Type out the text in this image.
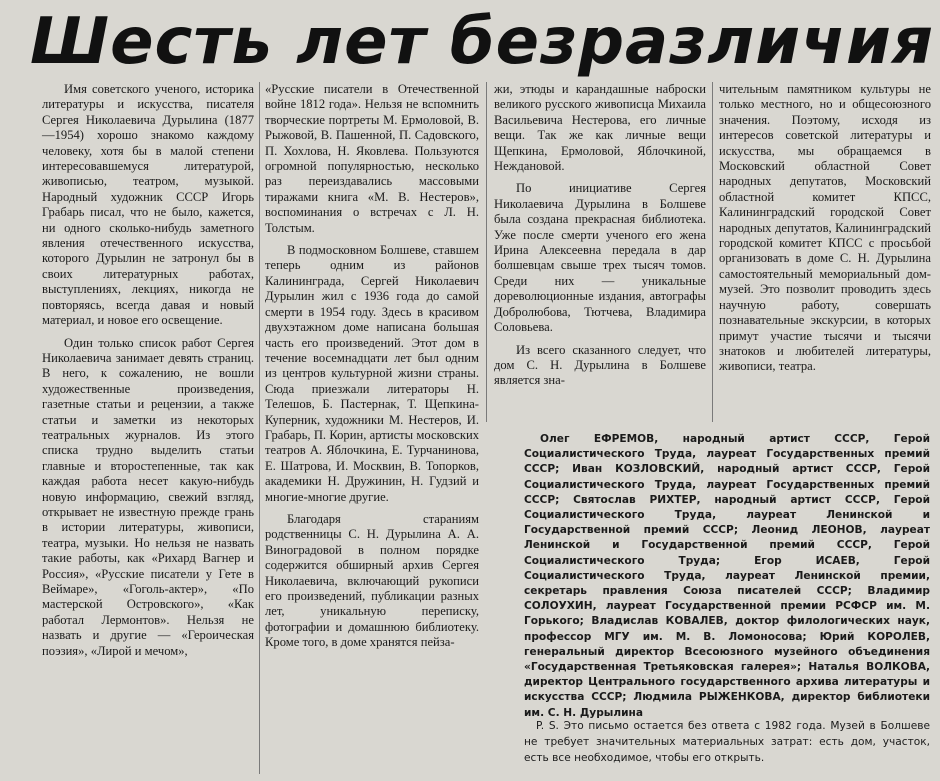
Шесть лет безразличия

Имя советского ученого, историка литературы и искусства, писателя Сергея Николаевича Дурылина (1877—1954) хорошо знакомо каждому человеку, хотя бы в малой степени интересовавшемуся литературой, живописью, театром, музыкой. Народный художник СССР Игорь Грабарь писал, что не было, кажется, ни одного сколько-нибудь заметного явления отечественного искусства, которого Дурылин не затронул бы в своих литературных работах, выступлениях, лекциях, никогда не повторяясь, всегда давая и новый материал, и новое его освещение.

Один только список работ Сергея Николаевича занимает девять страниц. В него, к сожалению, не вошли художественные произведения, газетные статьи и рецензии, а также статьи и заметки из некоторых театральных журналов. Из этого списка трудно выделить статьи главные и второстепенные, так как каждая работа несет какую-нибудь новую информацию, свежий взгляд, открывает не известную прежде грань в истории литературы, живописи, театра, музыки. Но нельзя не назвать такие работы, как «Рихард Вагнер и Россия», «Русские писатели у Гете в Веймаре», «Гоголь-актер», «По мастерской Островского», «Как работал Лермонтов». Нельзя не назвать и другие — «Героическая поэзия», «Лирой и мечом»,

«Русские писатели в Отечественной войне 1812 года». Нельзя не вспомнить творческие портреты М. Ермоловой, В. Рыжовой, В. Пашенной, П. Садовского, П. Хохлова, Н. Яковлева. Пользуются огромной популярностью, несколько раз переиздавались массовыми тиражами книга «М. В. Нестеров», воспоминания о встречах с Л. Н. Толстым.

В подмосковном Болшеве, ставшем теперь одним из районов Калининграда, Сергей Николаевич Дурылин жил с 1936 года до самой смерти в 1954 году. Здесь в красивом двухэтажном доме написана большая часть его произведений. Этот дом в течение восемнадцати лет был одним из центров культурной жизни страны. Сюда приезжали литераторы Н. Телешов, Б. Пастернак, Т. Щепкина-Куперник, художники М. Нестеров, И. Грабарь, П. Корин, артисты московских театров А. Яблочкина, Е. Турчанинова, Е. Шатрова, И. Москвин, В. Топорков, академики Н. Дружинин, Н. Гудзий и многие-многие другие.

Благодаря стараниям родственницы С. Н. Дурылина А. А. Виноградовой в полном порядке содержится обширный архив Сергея Николаевича, включающий рукописи его произведений, публикации разных лет, уникальную переписку, фотографии и домашнюю библиотеку. Кроме того, в доме хранятся пейза-

жи, этюды и карандашные наброски великого русского живописца Михаила Васильевича Нестерова, его личные вещи. Так же как личные вещи Щепкина, Ермоловой, Яблочкиной, Неждановой.

По инициативе Сергея Николаевича Дурылина в Болшеве была создана прекрасная библиотека. Уже после смерти ученого его жена Ирина Алексеевна передала в дар болшевцам свыше трех тысяч томов. Среди них — уникальные дореволюционные издания, автографы Добролюбова, Тютчева, Владимира Соловьева.

Из всего сказанного следует, что дом С. Н. Дурылина в Болшеве является зна-

чительным памятником культуры не только местного, но и общесоюзного значения. Поэтому, исходя из интересов советской литературы и искусства, мы обращаемся в Московский областной Совет народных депутатов, Московский областной комитет КПСС, Калининградский городской Совет народных депутатов, Калининградский городской комитет КПСС с просьбой организовать в доме С. Н. Дурылина самостоятельный мемориальный дом-музей. Это позволит проводить здесь научную работу, совершать познавательные экскурсии, в которых примут участие тысячи и тысячи знатоков и любителей литературы, живописи, театра.

Олег ЕФРЕМОВ, народный артист СССР, Герой Социалистического Труда, лауреат Государственных премий СССР; Иван КОЗЛОВСКИЙ, народный артист СССР, Герой Социалистического Труда, лауреат Государственных премий СССР; Святослав РИХТЕР, народный артист СССР, Герой Социалистического Труда, лауреат Ленинской и Государственной премий СССР; Леонид ЛЕОНОВ, лауреат Ленинской и Государственной премий СССР, Герой Социалистического Труда; Егор ИСАЕВ, Герой Социалистического Труда, лауреат Ленинской премии, секретарь правления Союза писателей СССР; Владимир СОЛОУХИН, лауреат Государственной премии РСФСР им. М. Горького; Владислав КОВАЛЕВ, доктор филологических наук, профессор МГУ им. М. В. Ломоносова; Юрий КОРОЛЕВ, генеральный директор Всесоюзного музейного объединения «Государственная Третьяковская галерея»; Наталья ВОЛКОВА, директор Центрального государственного архива литературы и искусства СССР; Людмила РЫЖЕНКОВА, директор библиотеки им. С. Н. Дурылина

P. S. Это письмо остается без ответа с 1982 года. Музей в Болшеве не требует значительных материальных затрат: есть дом, участок, есть все необходимое, чтобы его открыть.
